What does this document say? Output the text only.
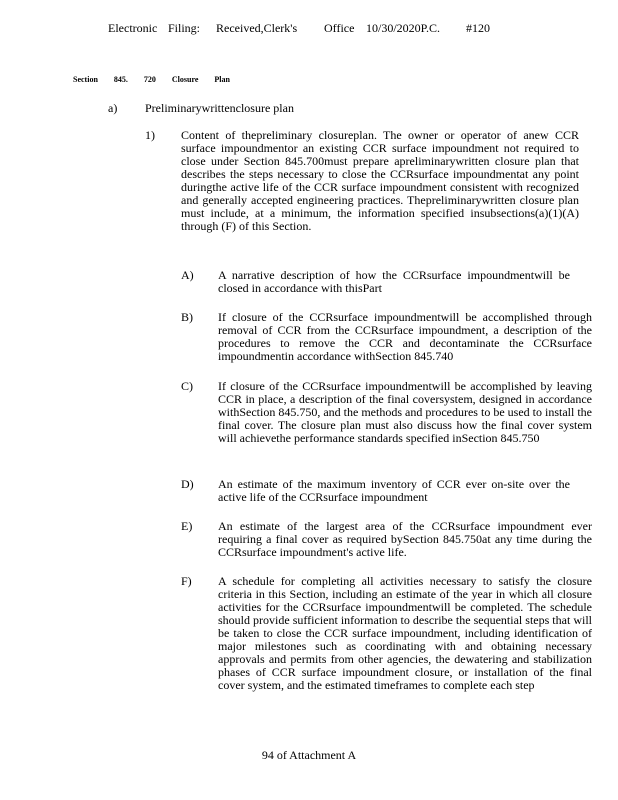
Electronic Filing: Received,Clerk's Office 10/30/2020P.C. #120
Section 845. 720 Closure Plan
a) Preliminarywrittenclosure plan
1) Content of thepreliminary closureplan. The owner or operator of anew CCR surface impoundmentor an existing CCR surface impoundment not required to close under Section 845.700must prepare apreliminarywritten closure plan that describes the steps necessary to close the CCRsurface impoundmentat any point duringthe active life of the CCR surface impoundment consistent with recognized and generally accepted engineering practices. Thepreliminarywritten closure plan must include, at a minimum, the information specified insubsections(a)(1)(A) through (F) of this Section.
A) A narrative description of how the CCRsurface impoundmentwill be closed in accordance with thisPart
B) If closure of the CCRsurface impoundmentwill be accomplished through removal of CCR from the CCRsurface impoundment, a description of the procedures to remove the CCR and decontaminate the CCRsurface impoundmentin accordance withSection 845.740
C) If closure of the CCRsurface impoundmentwill be accomplished by leaving CCR in place, a description of the final coversystem, designed in accordance withSection 845.750, and the methods and procedures to be used to install the final cover. The closure plan must also discuss how the final cover system will achievethe performance standards specified inSection 845.750
D) An estimate of the maximum inventory of CCR ever on-site over the active life of the CCRsurface impoundment
E) An estimate of the largest area of the CCRsurface impoundment ever requiring a final cover as required bySection 845.750at any time during the CCRsurface impoundment's active life.
F) A schedule for completing all activities necessary to satisfy the closure criteria in this Section, including an estimate of the year in which all closure activities for the CCRsurface impoundmentwill be completed. The schedule should provide sufficient information to describe the sequential steps that will be taken to close the CCR surface impoundment, including identification of major milestones such as coordinating with and obtaining necessary approvals and permits from other agencies, the dewatering and stabilization phases of CCR surface impoundment closure, or installation of the final cover system, and the estimated timeframes to complete each step
94 of Attachment A
